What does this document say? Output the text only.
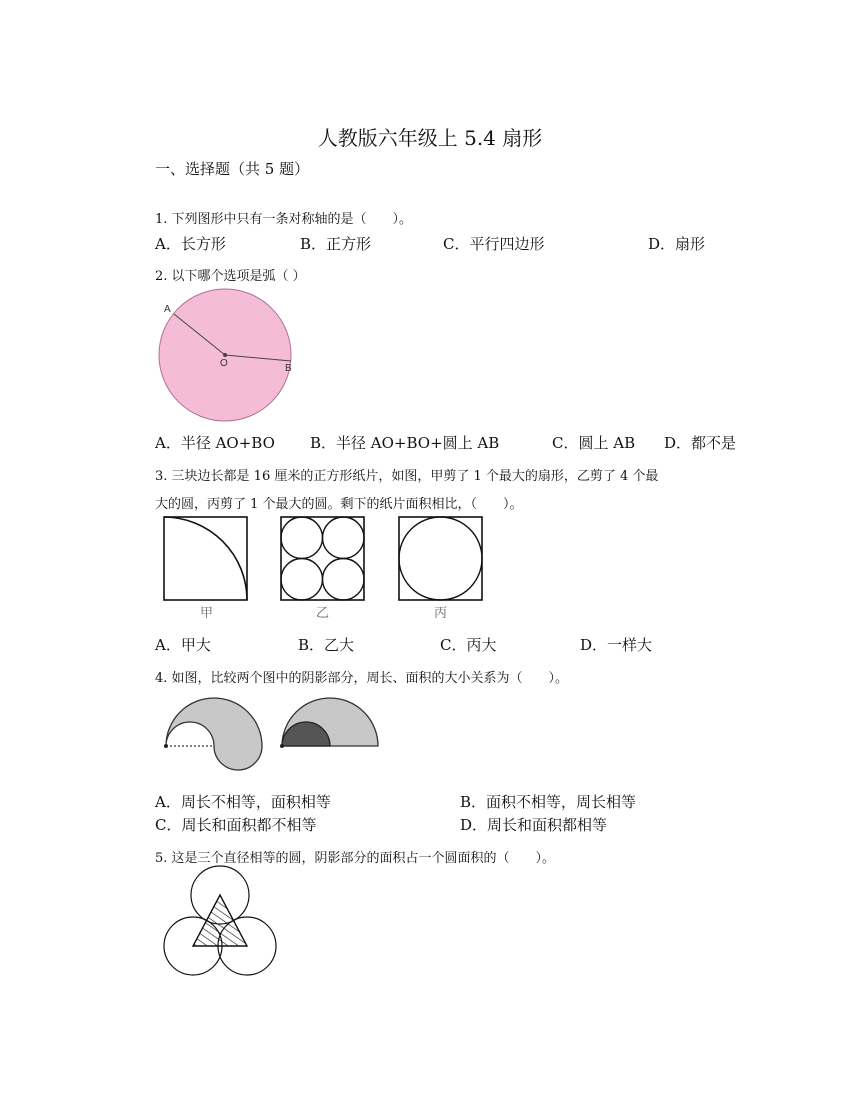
人教版六年级上 5.4 扇形
一、选择题（共 5 题）
1. 下列图形中只有一条对称轴的是（　　）。
A．长方形	B．正方形	C．平行四边形	D．扇形
2. 以下哪个选项是弧（ ）
A
O	B
A．半径 AO+BO B．半径 AO+BO+圆上 AB	C．圆上 AB D．都不是
3. 三块边长都是 16 厘米的正方形纸片，如图，甲剪了 1 个最大的扇形，乙剪了 4 个最
大的圆，丙剪了 1 个最大的圆。剩下的纸片面积相比，（　　）。
甲	乙	丙
A．甲大	B．乙大	C．丙大	D．一样大
4. 如图，比较两个图中的阴影部分，周长、面积的大小关系为（　　）。
A．周长不相等，面积相等	B．面积不相等，周长相等
C．周长和面积都不相等	D．周长和面积都相等
5. 这是三个直径相等的圆，阴影部分的面积占一个圆面积的（　　）。
